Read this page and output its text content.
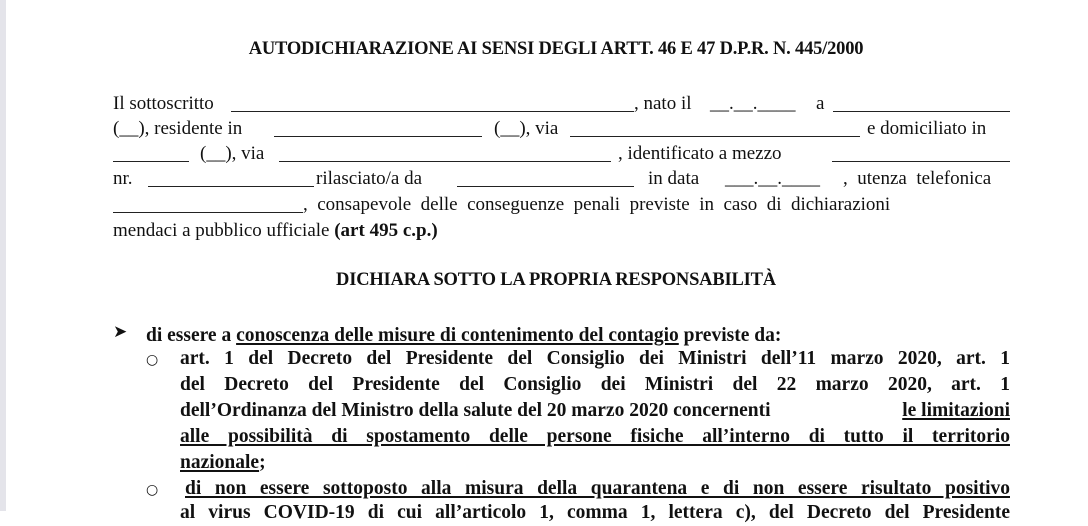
AUTODICHIARAZIONE AI SENSI DEGLI ARTT. 46 E 47 D.P.R. N. 445/2000
Il sottoscritto	, nato il __.__.____ a
(__), residente in	(__), via	e domiciliato in
(__), via	, identificato a mezzo
nr.	rilasciato/a da	in data ___.__.____ ,  utenza  telefonica
,  consapevole  delle  conseguenze  penali  previste  in  caso  di  dichiarazioni
mendaci a pubblico ufficiale (art 495 c.p.)
DICHIARA SOTTO LA PROPRIA RESPONSABILITÀ
➤ di essere a conoscenza delle misure di contenimento del contagio previste da:
○ art. 1 del Decreto del Presidente del Consiglio dei Ministri dell’11 marzo 2020, art. 1
del Decreto del Presidente del Consiglio dei Ministri del 22 marzo 2020, art. 1
dell’Ordinanza del Ministro della salute del 20 marzo 2020 concernenti	le limitazioni
alle possibilità di spostamento delle persone fisiche all’interno di tutto il territorio
nazionale;
○ di non essere sottoposto alla misura della quarantena e di non essere risultato positivo
al virus COVID-19 di cui all’articolo 1, comma 1, lettera c), del Decreto del Presidente
